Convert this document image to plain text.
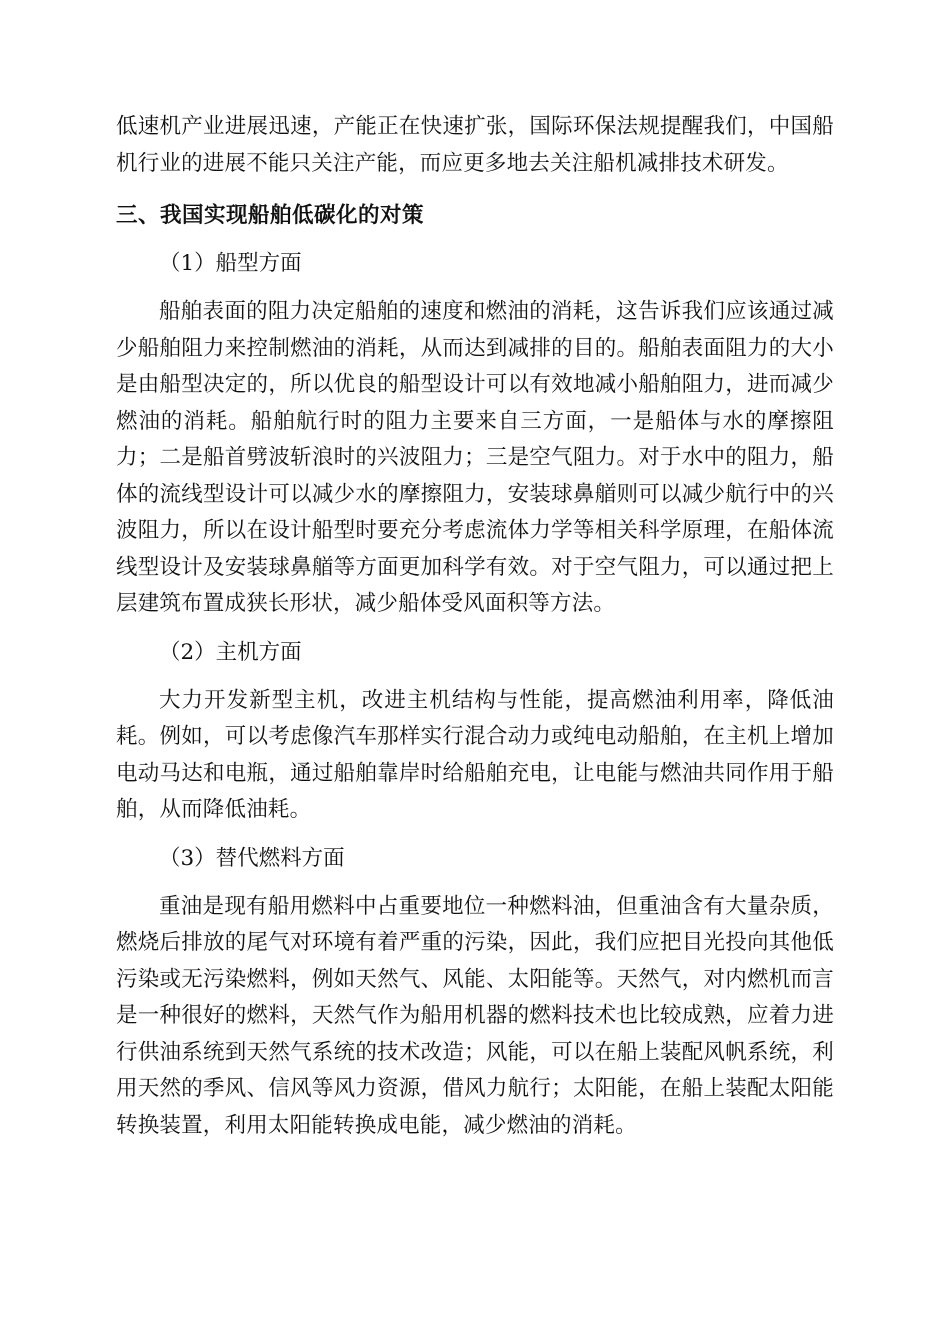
低速机产业进展迅速，产能正在快速扩张，国际环保法规提醒我们，中国船机行业的进展不能只关注产能，而应更多地去关注船机减排技术研发。

三、我国实现船舶低碳化的对策

（1）船型方面

船舶表面的阻力决定船舶的速度和燃油的消耗，这告诉我们应该通过减少船舶阻力来控制燃油的消耗，从而达到减排的目的。船舶表面阻力的大小是由船型决定的，所以优良的船型设计可以有效地减小船舶阻力，进而减少燃油的消耗。船舶航行时的阻力主要来自三方面，一是船体与水的摩擦阻力；二是船首劈波斩浪时的兴波阻力；三是空气阻力。对于水中的阻力，船体的流线型设计可以减少水的摩擦阻力，安装球鼻艏则可以减少航行中的兴波阻力，所以在设计船型时要充分考虑流体力学等相关科学原理，在船体流线型设计及安装球鼻艏等方面更加科学有效。对于空气阻力，可以通过把上层建筑布置成狭长形状，减少船体受风面积等方法。

（2）主机方面

大力开发新型主机，改进主机结构与性能，提高燃油利用率，降低油耗。例如，可以考虑像汽车那样实行混合动力或纯电动船舶，在主机上增加电动马达和电瓶，通过船舶靠岸时给船舶充电，让电能与燃油共同作用于船舶，从而降低油耗。

（3）替代燃料方面

重油是现有船用燃料中占重要地位一种燃料油，但重油含有大量杂质，燃烧后排放的尾气对环境有着严重的污染，因此，我们应把目光投向其他低污染或无污染燃料，例如天然气、风能、太阳能等。天然气，对内燃机而言是一种很好的燃料，天然气作为船用机器的燃料技术也比较成熟，应着力进行供油系统到天然气系统的技术改造；风能，可以在船上装配风帆系统，利用天然的季风、信风等风力资源，借风力航行；太阳能，在船上装配太阳能转换装置，利用太阳能转换成电能，减少燃油的消耗。
